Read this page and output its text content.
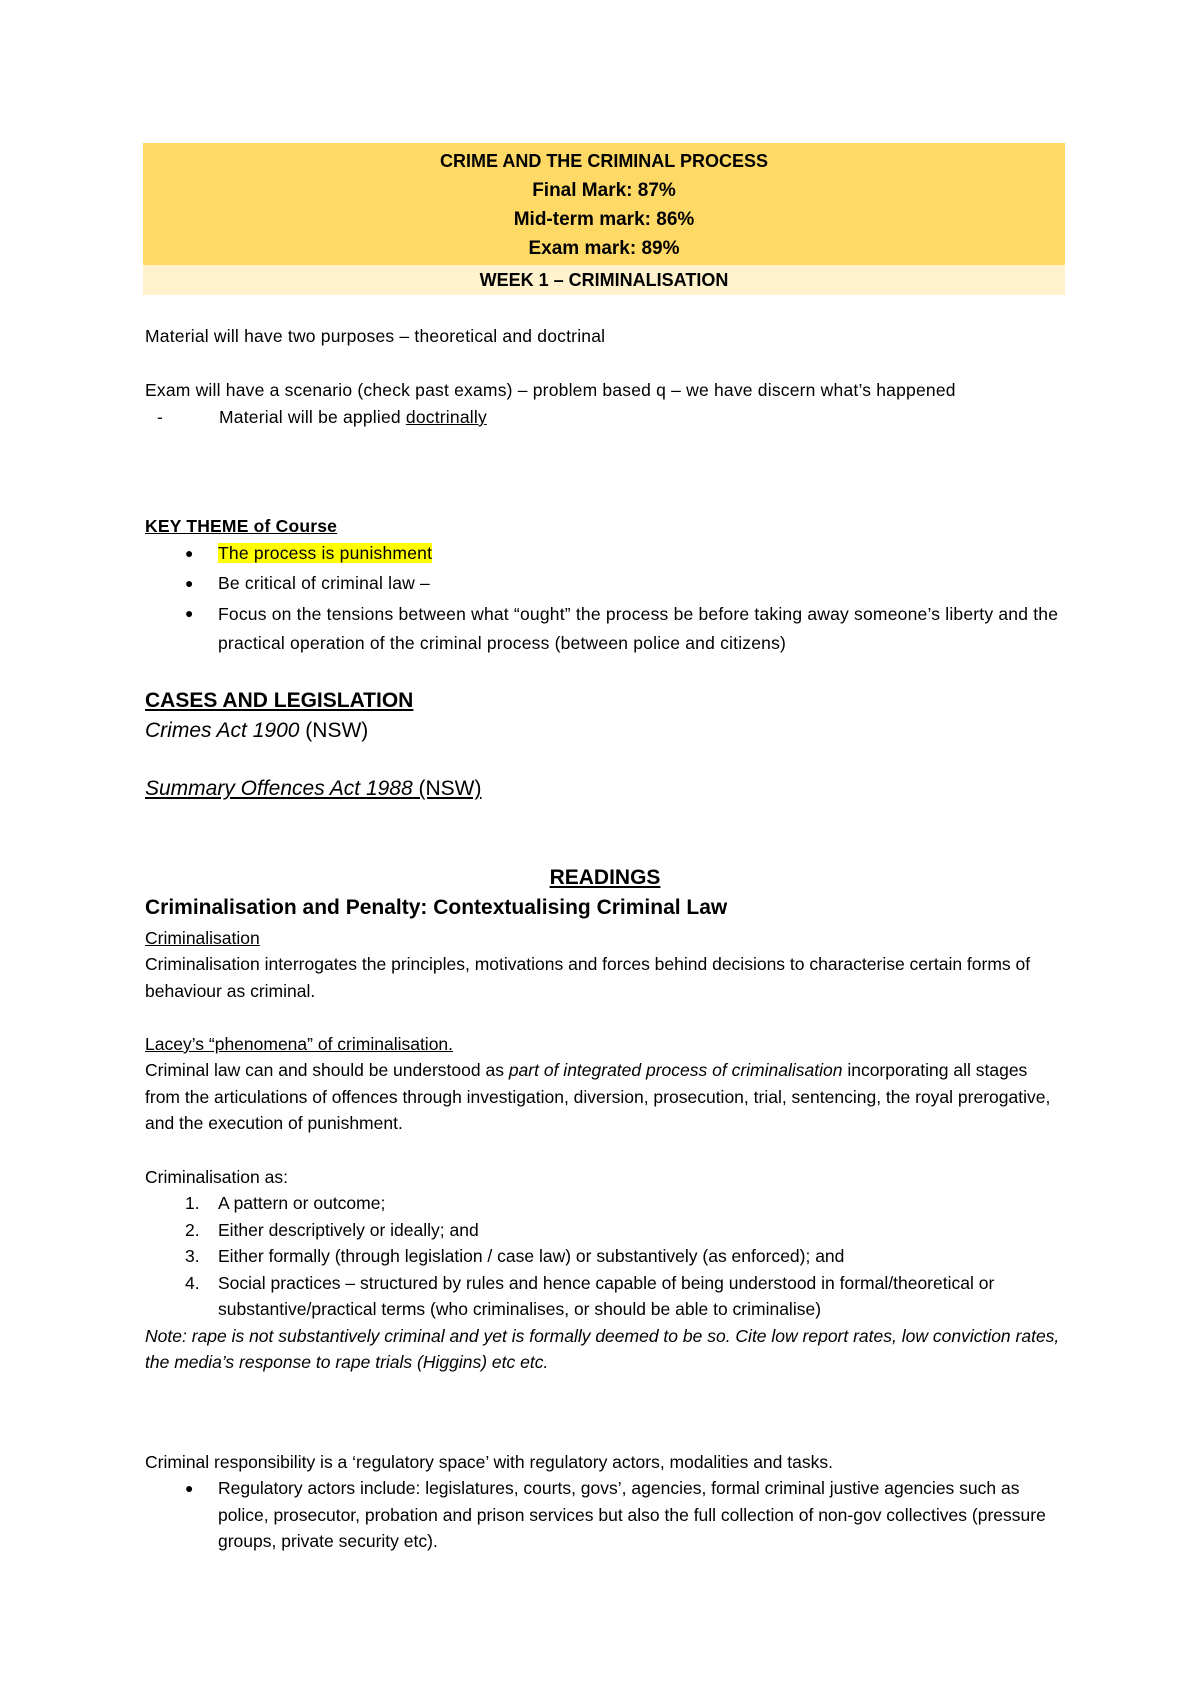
CRIME AND THE CRIMINAL PROCESS
Final Mark: 87%
Mid-term mark: 86%
Exam mark: 89%
WEEK 1 – CRIMINALISATION
Material will have two purposes – theoretical and doctrinal
Exam will have a scenario (check past exams) – problem based q – we have discern what’s happened
-	Material will be applied doctrinally
KEY THEME of Course
●	The process is punishment
●	Be critical of criminal law –
●	Focus on the tensions between what “ought” the process be before taking away someone’s liberty and the practical operation of the criminal process (between police and citizens)
CASES AND LEGISLATION
Crimes Act 1900 (NSW)
Summary Offences Act 1988 (NSW)
READINGS
Criminalisation and Penalty: Contextualising Criminal Law
Criminalisation
Criminalisation interrogates the principles, motivations and forces behind decisions to characterise certain forms of behaviour as criminal.
Lacey’s “phenomena” of criminalisation.
Criminal law can and should be understood as part of integrated process of criminalisation incorporating all stages from the articulations of offences through investigation, diversion, prosecution, trial, sentencing, the royal prerogative, and the execution of punishment.
Criminalisation as:
1.	A pattern or outcome;
2.	Either descriptively or ideally; and
3.	Either formally (through legislation / case law) or substantively (as enforced); and
4.	Social practices – structured by rules and hence capable of being understood in formal/theoretical or substantive/practical terms (who criminalises, or should be able to criminalise)
Note: rape is not substantively criminal and yet is formally deemed to be so. Cite low report rates, low conviction rates, the media’s response to rape trials (Higgins) etc etc.
Criminal responsibility is a ‘regulatory space’ with regulatory actors, modalities and tasks.
●	Regulatory actors include: legislatures, courts, govs’, agencies, formal criminal justive agencies such as police, prosecutor, probation and prison services but also the full collection of non-gov collectives (pressure groups, private security etc).
